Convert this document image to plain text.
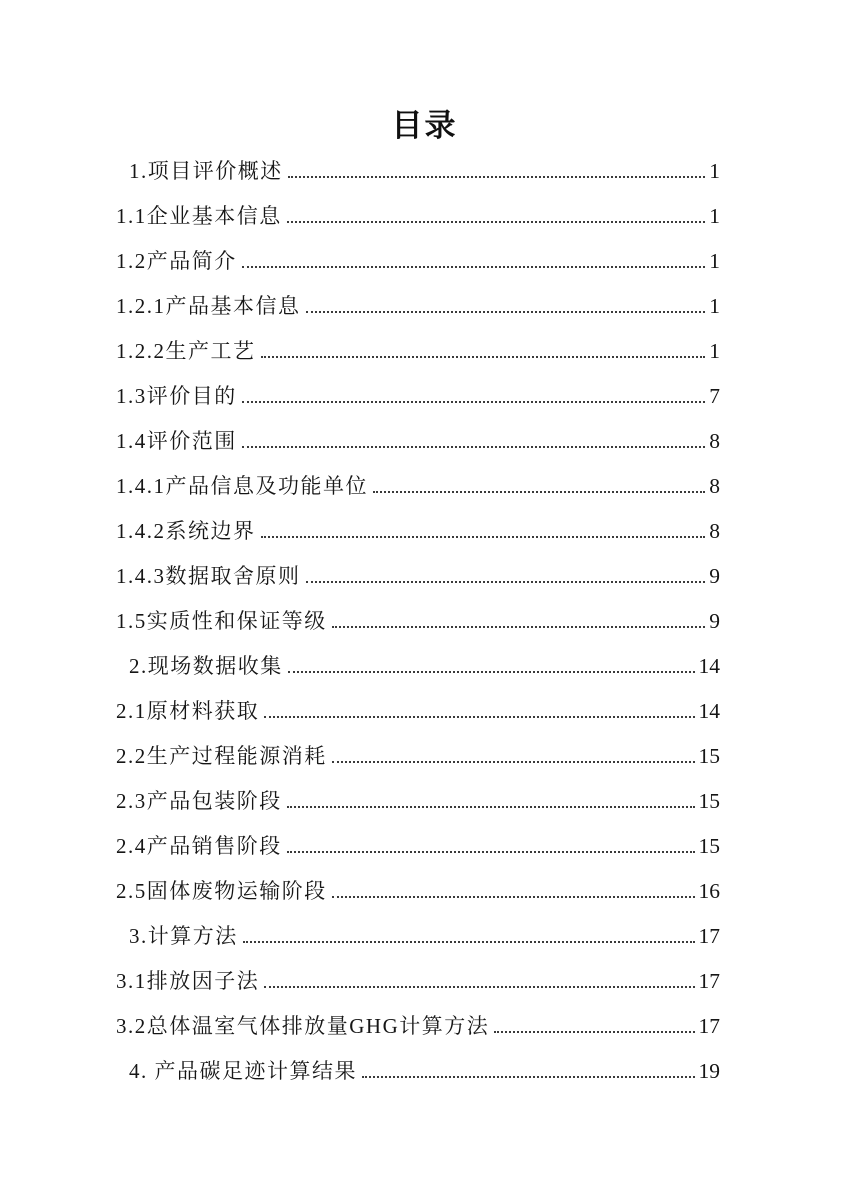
目录
1.项目评价概述	1
1.1企业基本信息	1
1.2产品简介	1
1.2.1产品基本信息	1
1.2.2生产工艺	1
1.3评价目的	7
1.4评价范围	8
1.4.1产品信息及功能单位	8
1.4.2系统边界	8
1.4.3数据取舍原则	9
1.5实质性和保证等级	9
2.现场数据收集	14
2.1原材料获取	14
2.2生产过程能源消耗	15
2.3产品包装阶段	15
2.4产品销售阶段	15
2.5固体废物运输阶段	16
3.计算方法	17
3.1排放因子法	17
3.2总体温室气体排放量GHG计算方法	17
4. 产品碳足迹计算结果	19
